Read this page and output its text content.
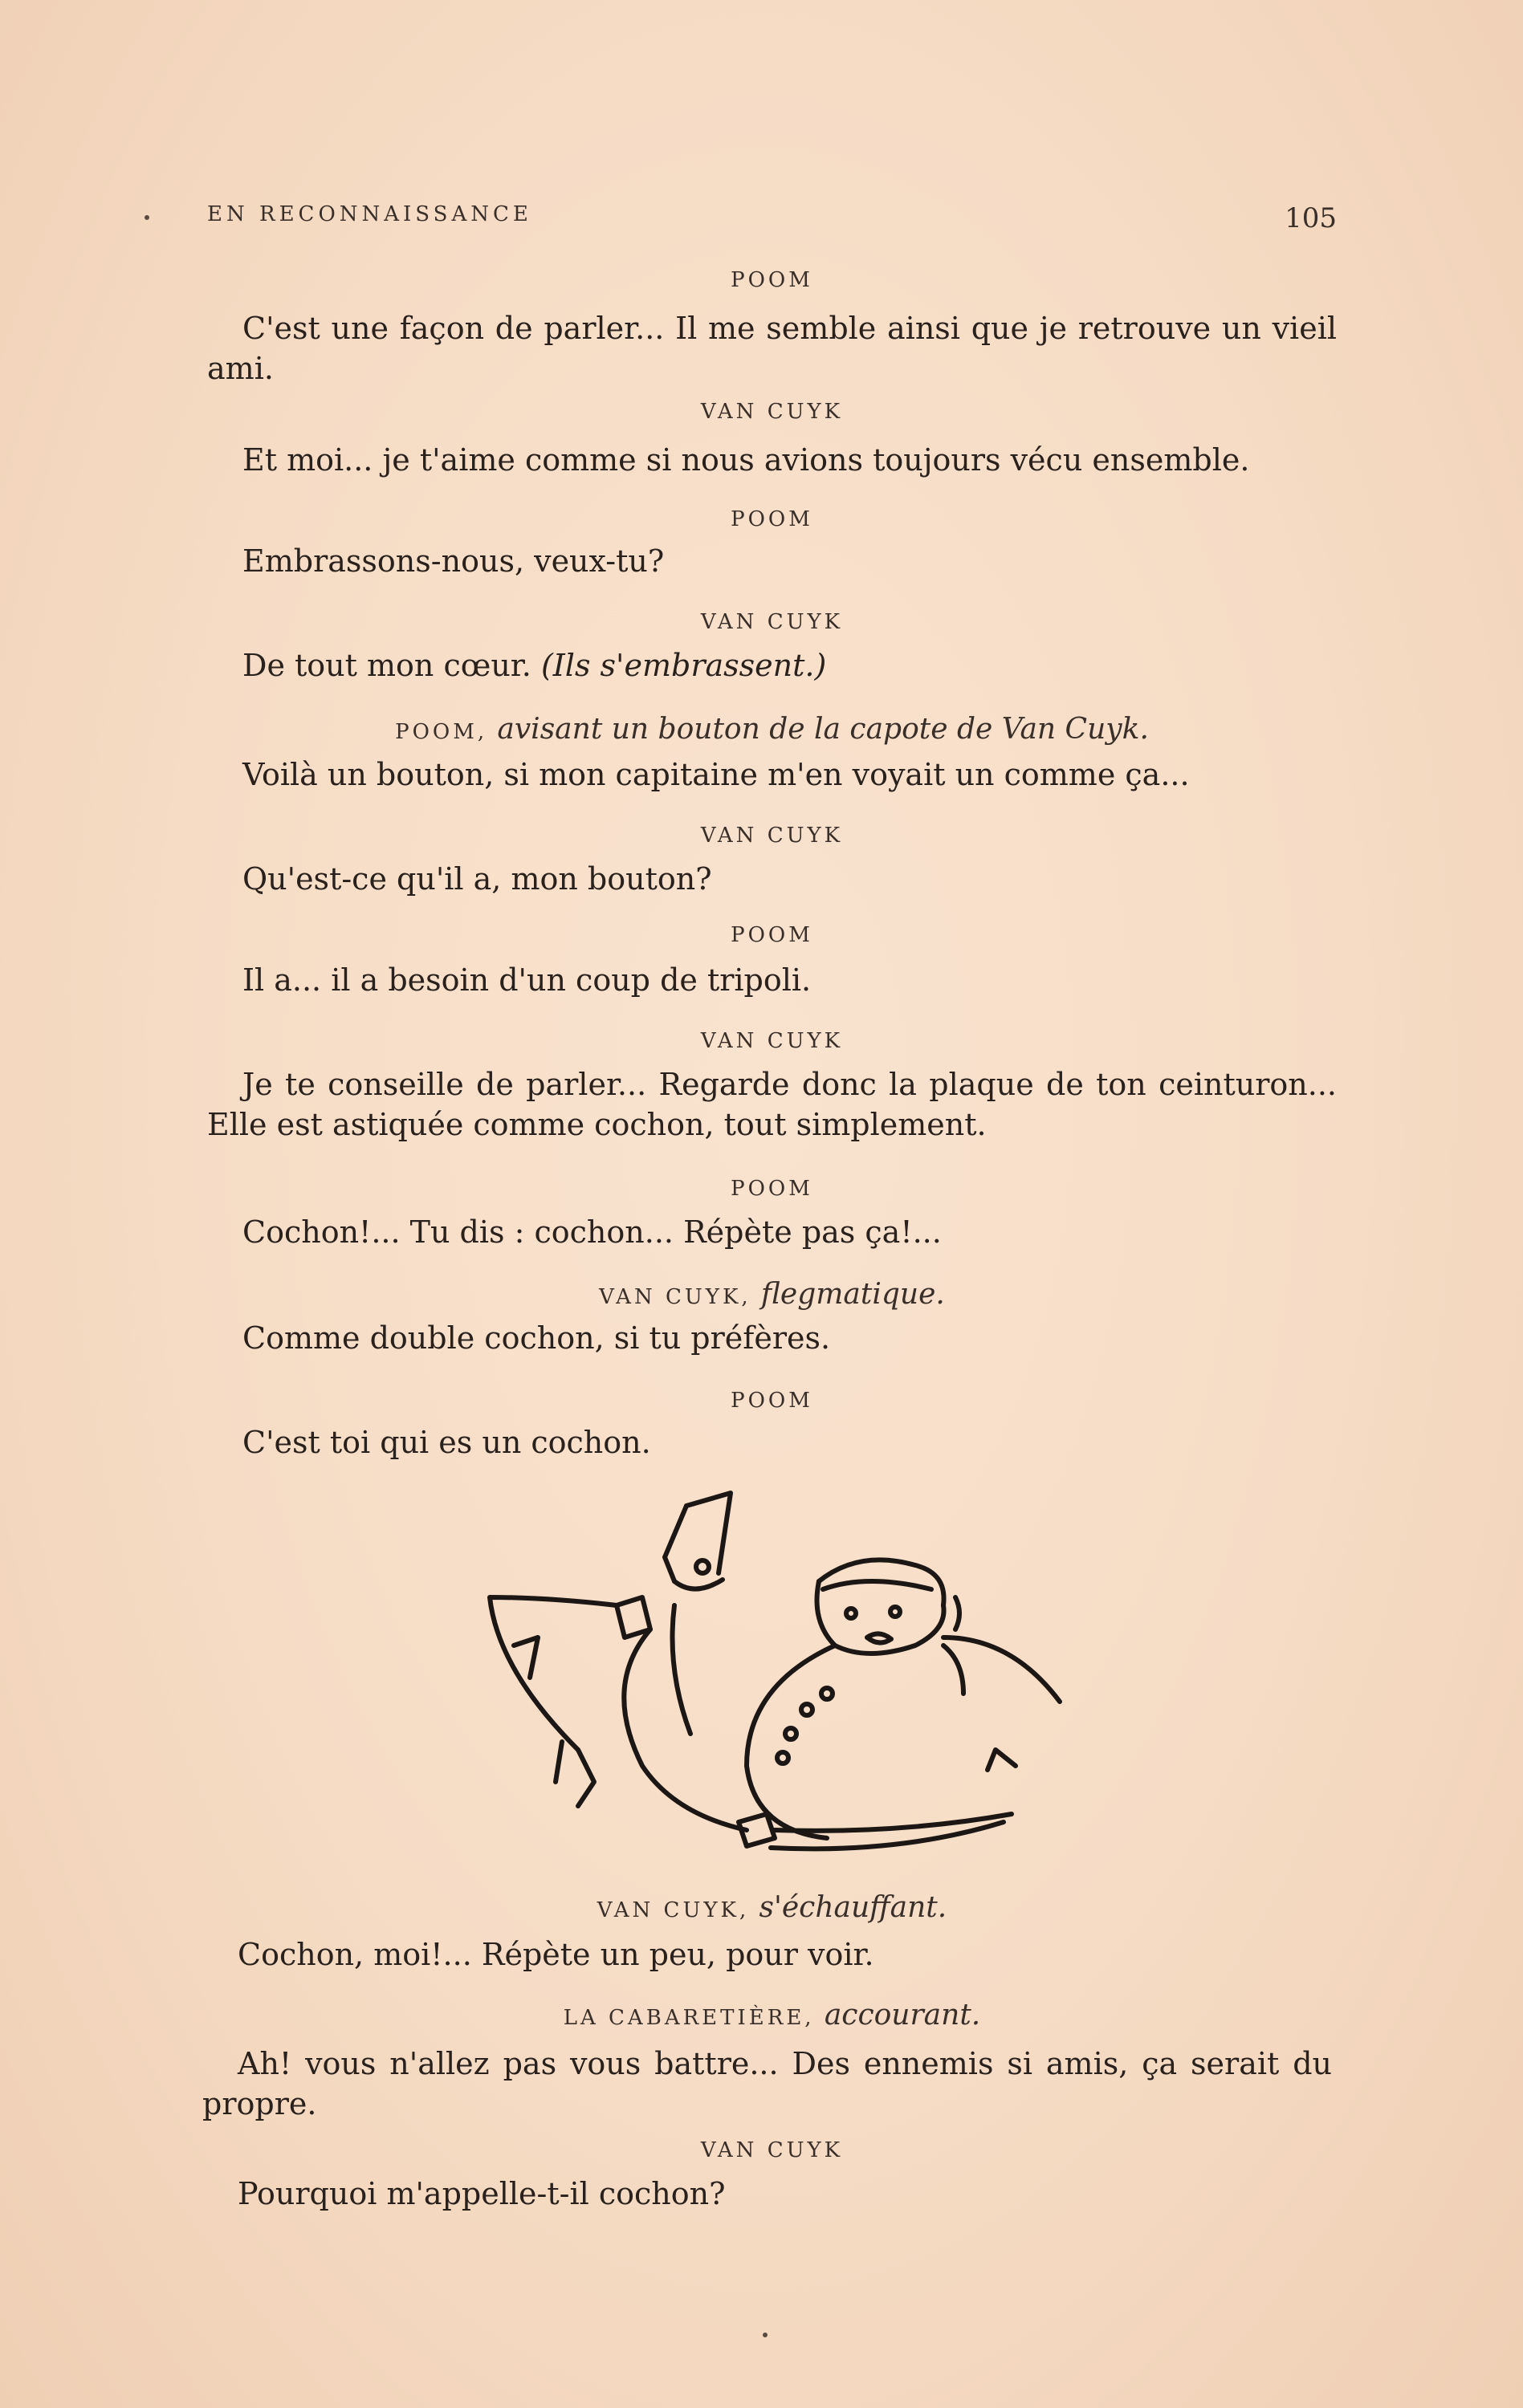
EN RECONNAISSANCE	105
POOM
C'est une façon de parler... Il me semble ainsi que je retrouve un vieil ami.
VAN CUYK
Et moi... je t'aime comme si nous avions toujours vécu ensemble.
POOM
Embrassons-nous, veux-tu?
VAN CUYK
De tout mon cœur. (Ils s'embrassent.)
POOM, avisant un bouton de la capote de Van Cuyk.
Voilà un bouton, si mon capitaine m'en voyait un comme ça...
VAN CUYK
Qu'est-ce qu'il a, mon bouton?
POOM
Il a... il a besoin d'un coup de tripoli.
VAN CUYK
Je te conseille de parler... Regarde donc la plaque de ton ceinturon... Elle est astiquée comme cochon, tout simplement.
POOM
Cochon!... Tu dis : cochon... Répète pas ça!...
VAN CUYK, flegmatique.
Comme double cochon, si tu préfères.
POOM
C'est toi qui es un cochon.
VAN CUYK, s'échauffant.
Cochon, moi!... Répète un peu, pour voir.
LA CABARETIÈRE, accourant.
Ah! vous n'allez pas vous battre... Des ennemis si amis, ça serait du propre.
VAN CUYK
Pourquoi m'appelle-t-il cochon?
